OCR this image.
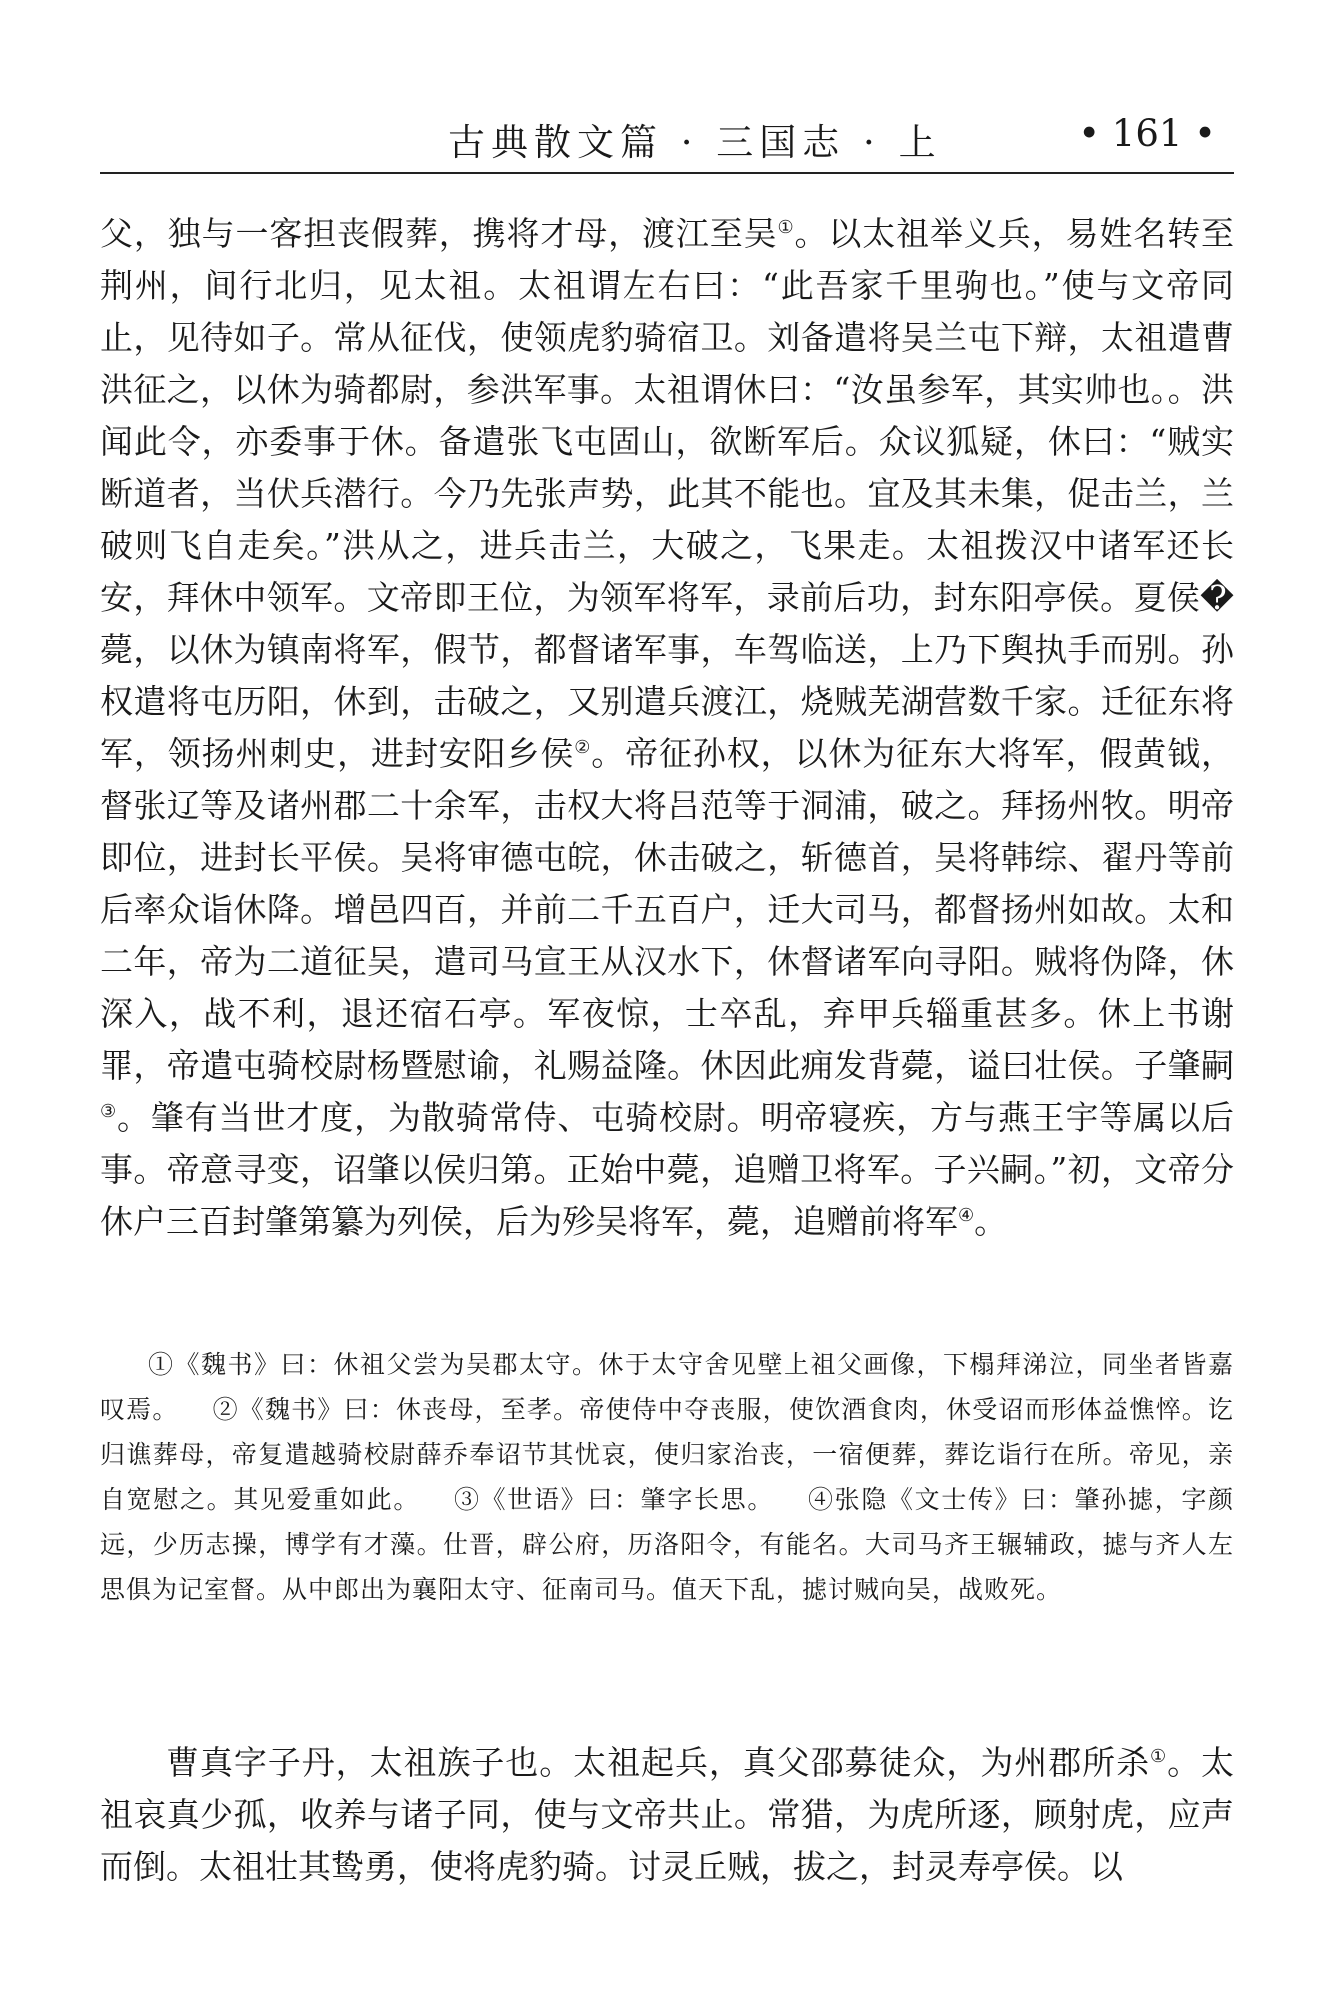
古典散文篇 · 三国志 · 上	• 161 •

父，独与一客担丧假葬，携将才母，渡江至吴①。以太祖举义兵，易姓名转至荆州，间行北归，见太祖。太祖谓左右曰：“此吾家千里驹也。”使与文帝同止，见待如子。常从征伐，使领虎豹骑宿卫。刘备遣将吴兰屯下辩，太祖遣曹洪征之，以休为骑都尉，参洪军事。太祖谓休曰：“汝虽参军，其实帅也。。洪闻此令，亦委事于休。备遣张飞屯固山，欲断军后。众议狐疑，休曰：“贼实断道者，当伏兵潜行。今乃先张声势，此其不能也。宜及其未集，促击兰，兰破则飞自走矣。”洪从之，进兵击兰，大破之，飞果走。太祖拨汉中诸军还长安，拜休中领军。文帝即王位，为领军将军，录前后功，封东阳亭侯。夏侯�薨，以休为镇南将军，假节，都督诸军事，车驾临送，上乃下舆执手而别。孙权遣将屯历阳，休到，击破之，又别遣兵渡江，烧贼芜湖营数千家。迁征东将军，领扬州刺史，进封安阳乡侯②。帝征孙权，以休为征东大将军，假黄钺，督张辽等及诸州郡二十余军，击权大将吕范等于洞浦，破之。拜扬州牧。明帝即位，进封长平侯。吴将审德屯皖，休击破之，斩德首，吴将韩综、翟丹等前后率众诣休降。增邑四百，并前二千五百户，迁大司马，都督扬州如故。太和二年，帝为二道征吴，遣司马宣王从汉水下，休督诸军向寻阳。贼将伪降，休深入，战不利，退还宿石亭。军夜惊，士卒乱，弃甲兵辎重甚多。休上书谢罪，帝遣屯骑校尉杨暨慰谕，礼赐益隆。休因此痈发背薨，谥曰壮侯。子肇嗣③。肇有当世才度，为散骑常侍、屯骑校尉。明帝寝疾，方与燕王宇等属以后事。帝意寻变，诏肇以侯归第。正始中薨，追赠卫将军。子兴嗣。”初，文帝分休户三百封肇第纂为列侯，后为殄吴将军，薨，追赠前将军④。

①《魏书》曰：休祖父尝为吴郡太守。休于太守舍见壁上祖父画像，下榻拜涕泣，同坐者皆嘉叹焉。 ②《魏书》曰：休丧母，至孝。帝使侍中夺丧服，使饮酒食肉，休受诏而形体益憔悴。讫归谯葬母，帝复遣越骑校尉薛乔奉诏节其忧哀，使归家治丧，一宿便葬，葬讫诣行在所。帝见，亲自宽慰之。其见爱重如此。 ③《世语》曰：肇字长思。 ④张隐《文士传》曰：肇孙摅，字颜远，少历志操，博学有才藻。仕晋，辟公府，历洛阳令，有能名。大司马齐王辗辅政，摅与齐人左思俱为记室督。从中郎出为襄阳太守、征南司马。值天下乱，摅讨贼向吴，战败死。

曹真字子丹，太祖族子也。太祖起兵，真父邵募徒众，为州郡所杀①。太祖哀真少孤，收养与诸子同，使与文帝共止。常猎，为虎所逐，顾射虎，应声而倒。太祖壮其鸷勇，使将虎豹骑。讨灵丘贼，拔之，封灵寿亭侯。以
